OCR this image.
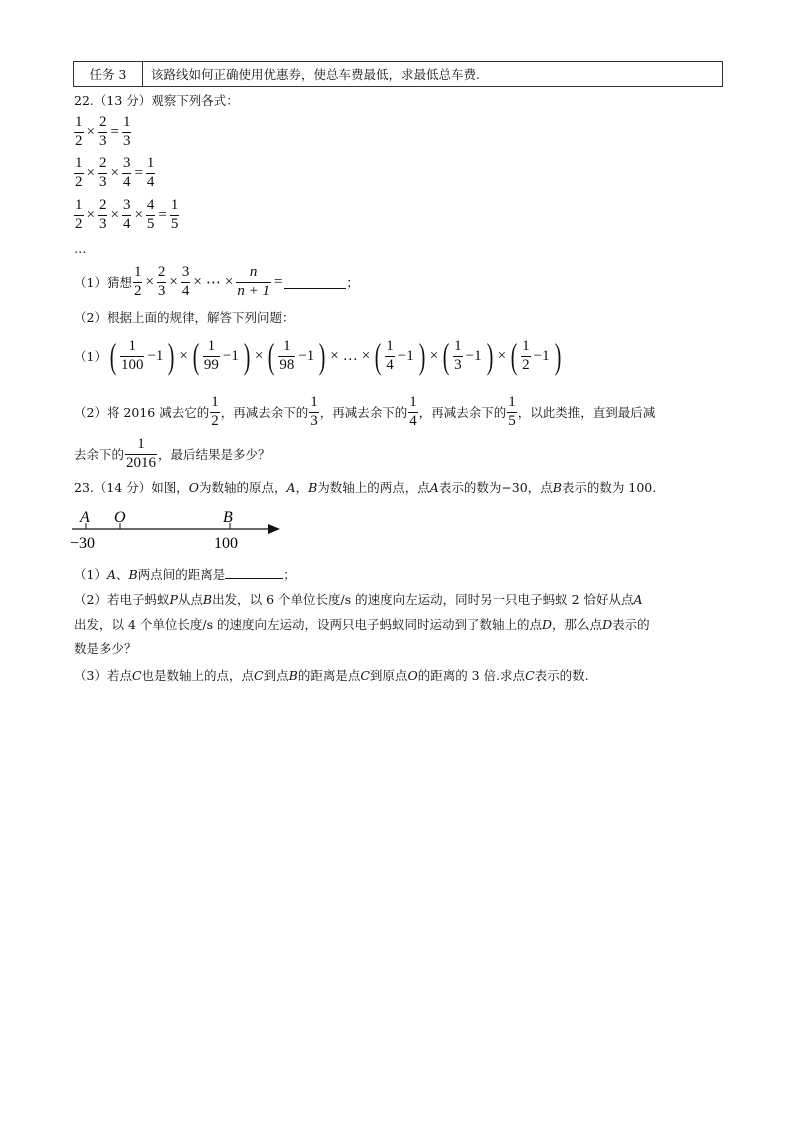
任务 3	该路线如何正确使用优惠券，使总车费最低，求最低总车费.
22.（13 分）观察下列各式：
$\frac{1}{2} \times \frac{2}{3} = \frac{1}{3}$
$\frac{1}{2} \times \frac{2}{3} \times \frac{3}{4} = \frac{1}{4}$
$\frac{1}{2} \times \frac{2}{3} \times \frac{3}{4} \times \frac{4}{5} = \frac{1}{5}$
…
（1）猜想 $\frac{1}{2} \times \frac{2}{3} \times \frac{3}{4}$ × ⋯ × $\frac{n}{n + 1}$ =	；
（2）根据上面的规律，解答下列问题：
（1） ( $\frac{1}{100} -1$ ) × ( $\frac{1}{99} -1$ ) × ( $\frac{1}{98} -1$ ) × … × ( $\frac{1}{4} -1$ ) × ( $\frac{1}{3} -1$ ) × ( $\frac{1}{2} -1$ )
（2）将 2016 减去它的 $\frac{1}{2}$ ，再减去余下的 $\frac{1}{3}$ ，再减去余下的 $\frac{1}{4}$ ，再减去余下的 $\frac{1}{5}$ ，以此类推，直到最后减
去余下的 $\frac{1}{2016}$ ，最后结果是多少？
23.（14 分）如图，O为数轴的原点，A，B为数轴上的两点，点A表示的数为−30，点B表示的数为 100.
A O	B
−30	100
（1）A、B两点间的距离是	；
（2）若电子蚂蚁P从点B出发，以 6 个单位长度/s 的速度向左运动，同时另一只电子蚂蚁 2 恰好从点A
出发，以 4 个单位长度/s 的速度向左运动，设两只电子蚂蚁同时运动到了数轴上的点D，那么点D表示的
数是多少？
（3）若点C也是数轴上的点，点C到点B的距离是点C到原点O的距离的 3 倍.求点C表示的数.
